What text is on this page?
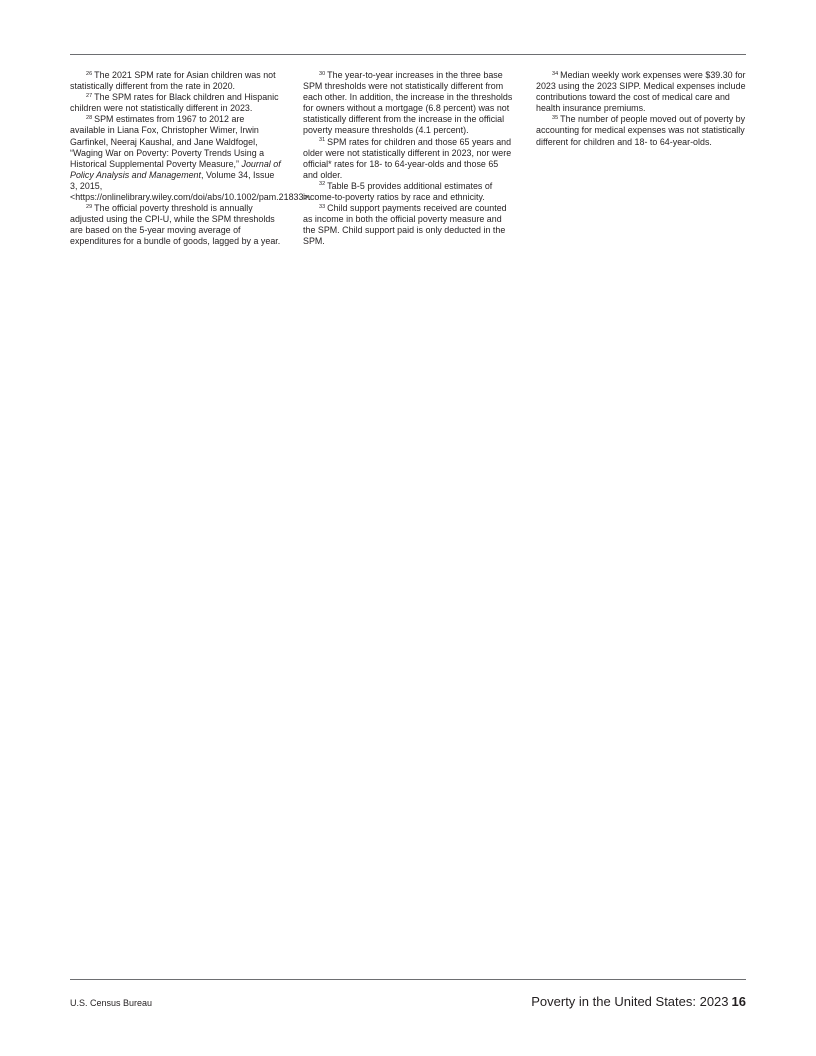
$^{26}$ The 2021 SPM rate for Asian children was not statistically different from the rate in 2020.

$^{27}$ The SPM rates for Black children and Hispanic children were not statistically different in 2023.

$^{28}$ SPM estimates from 1967 to 2012 are available in Liana Fox, Christopher Wimer, Irwin Garfinkel, Neeraj Kaushal, and Jane Waldfogel, “Waging War on Poverty: Poverty Trends Using a Historical Supplemental Poverty Measure,” Journal of Policy Analysis and Management, Volume 34, Issue 3, 2015, <https://onlinelibrary.wiley.com/doi/abs/10.1002/pam.21833>.

$^{29}$ The official poverty threshold is annually adjusted using the CPI-U, while the SPM thresholds are based on the 5-year moving average of expenditures for a bundle of goods, lagged by a year.

$^{30}$ The year-to-year increases in the three base SPM thresholds were not statistically different from each other. In addition, the increase in the thresholds for owners without a mortgage (6.8 percent) was not statistically different from the increase in the official poverty measure thresholds (4.1 percent).

$^{31}$ SPM rates for children and those 65 years and older were not statistically different in 2023, nor were official* rates for 18- to 64-year-olds and those 65 and older.

$^{32}$ Table B-5 provides additional estimates of income-to-poverty ratios by race and ethnicity.

$^{33}$ Child support payments received are counted as income in both the official poverty measure and the SPM. Child support paid is only deducted in the SPM.

$^{34}$ Median weekly work expenses were $39.30 for 2023 using the 2023 SIPP. Medical expenses include contributions toward the cost of medical care and health insurance premiums.

$^{35}$ The number of people moved out of poverty by accounting for medical expenses was not statistically different for children and 18- to 64-year-olds.

U.S. Census Bureau	Poverty in the United States: 2023 16
